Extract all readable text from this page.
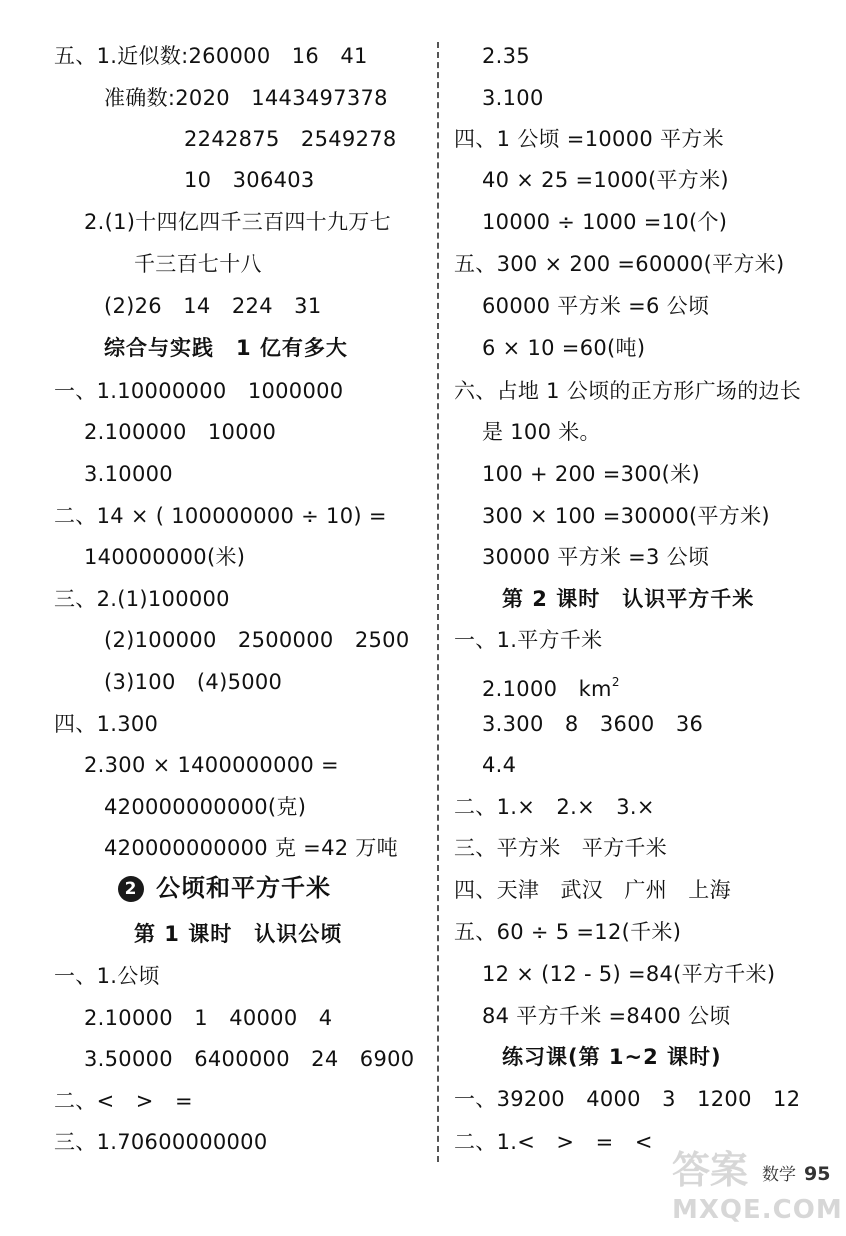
五、1.近似数:260000　16　41
准确数:2020　1443497378
2242875　2549278
10　306403
2.(1)十四亿四千三百四十九万七
千三百七十八
(2)26　14　224　31
综合与实践　1 亿有多大
一、1.10000000　1000000
2.100000　10000
3.10000
二、14 × ( 100000000 ÷ 10) =
140000000(米)
三、2.(1)100000
(2)100000　2500000　2500
(3)100　(4)5000
四、1.300
2.300 × 1400000000 =
420000000000(克)
420000000000 克 =42 万吨
2 公顷和平方千米
第 1 课时　认识公顷
一、1.公顷
2.10000　1　40000　4
3.50000　6400000　24　6900
二、<　>　=
三、1.70600000000
2.35
3.100
四、1 公顷 =10000 平方米
40 × 25 =1000(平方米)
10000 ÷ 1000 =10(个)
五、300 × 200 =60000(平方米)
60000 平方米 =6 公顷
6 × 10 =60(吨)
六、占地 1 公顷的正方形广场的边长
是 100 米。
100 + 200 =300(米)
300 × 100 =30000(平方米)
30000 平方米 =3 公顷
第 2 课时　认识平方千米
一、1.平方千米
2.1000　$km^2$
3.300　8　3600　36
4.4
二、1.×　2.×　3.×
三、平方米　平方千米
四、天津　武汉　广州　上海
五、60 ÷ 5 =12(千米)
12 × (12 - 5) =84(平方千米)
84 平方千米 =8400 公顷
练习课(第 1~2 课时)
一、39200　4000　3　1200　12
二、1.<　>　=　<
答案
MXQE.COM
数学 95
